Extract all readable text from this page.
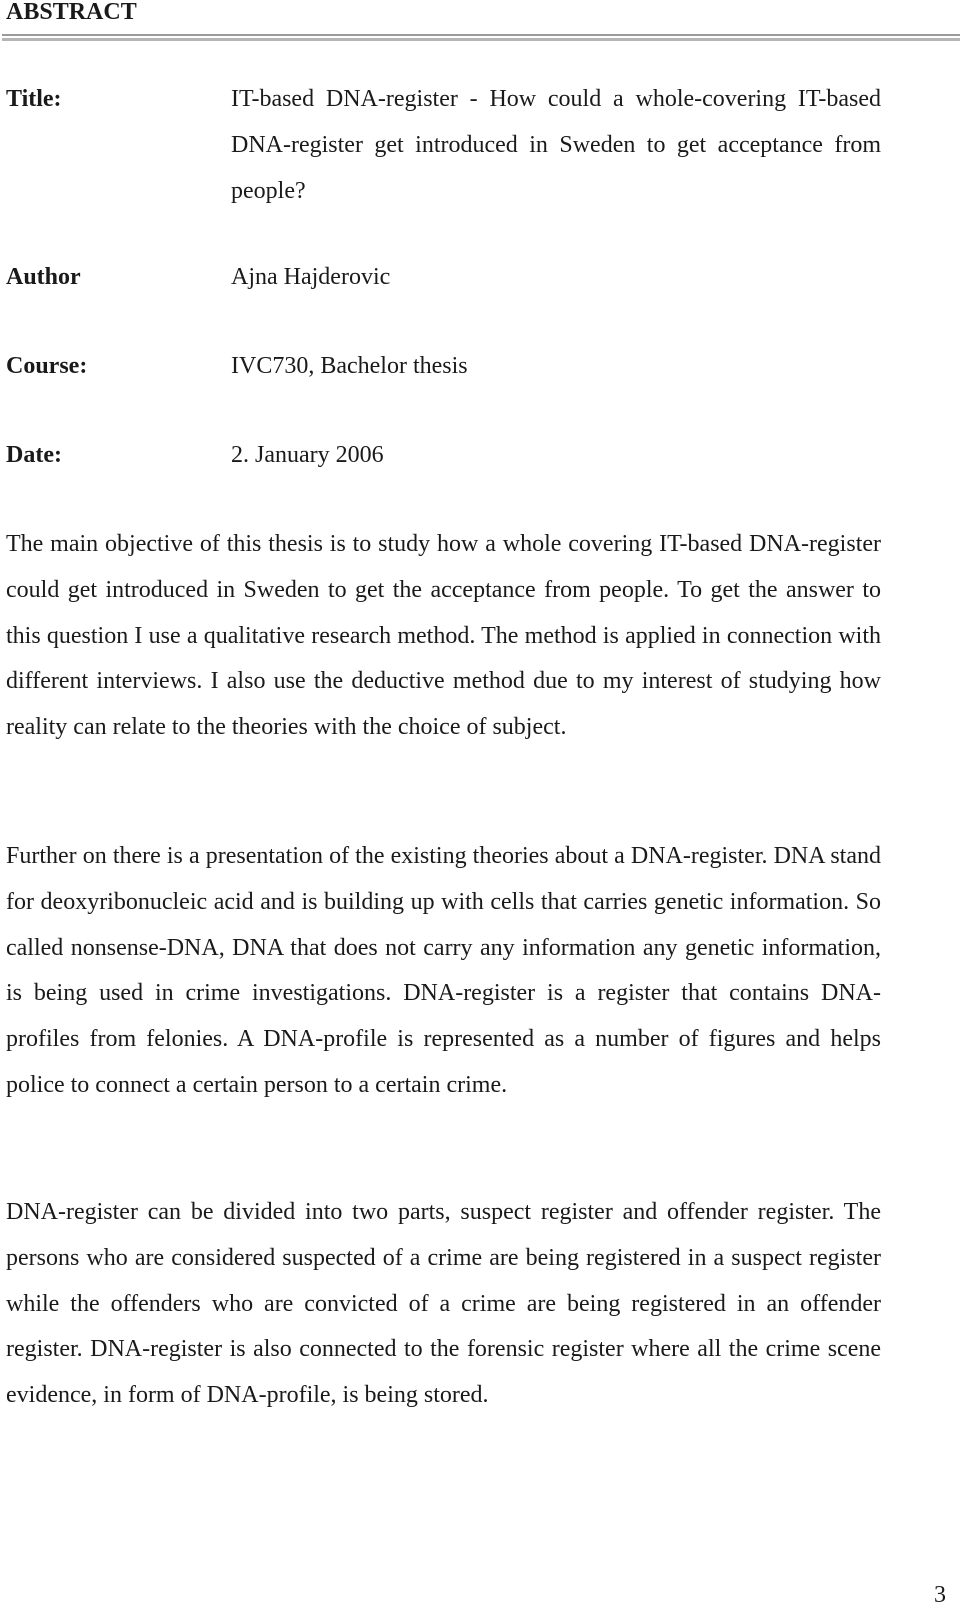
ABSTRACT
Title:	IT-based DNA-register - How could a whole-covering IT-based DNA-register get introduced in Sweden to get acceptance from people?
Author	Ajna Hajderovic
Course:	IVC730, Bachelor thesis
Date:	2. January 2006

The main objective of this thesis is to study how a whole covering IT-based DNA-register could get introduced in Sweden to get the acceptance from people. To get the answer to this question I use a qualitative research method. The method is applied in connection with different interviews. I also use the deductive method due to my interest of studying how reality can relate to the theories with the choice of subject.

Further on there is a presentation of the existing theories about a DNA-register. DNA stand for deoxyribonucleic acid and is building up with cells that carries genetic information. So called nonsense-DNA, DNA that does not carry any information any genetic information, is being used in crime investigations. DNA-register is a register that contains DNA-profiles from felonies. A DNA-profile is represented as a number of figures and helps police to connect a certain person to a certain crime.

DNA-register can be divided into two parts, suspect register and offender register. The persons who are considered suspected of a crime are being registered in a suspect register while the offenders who are convicted of a crime are being registered in an offender register. DNA-register is also connected to the forensic register where all the crime scene evidence, in form of DNA-profile, is being stored.

3
